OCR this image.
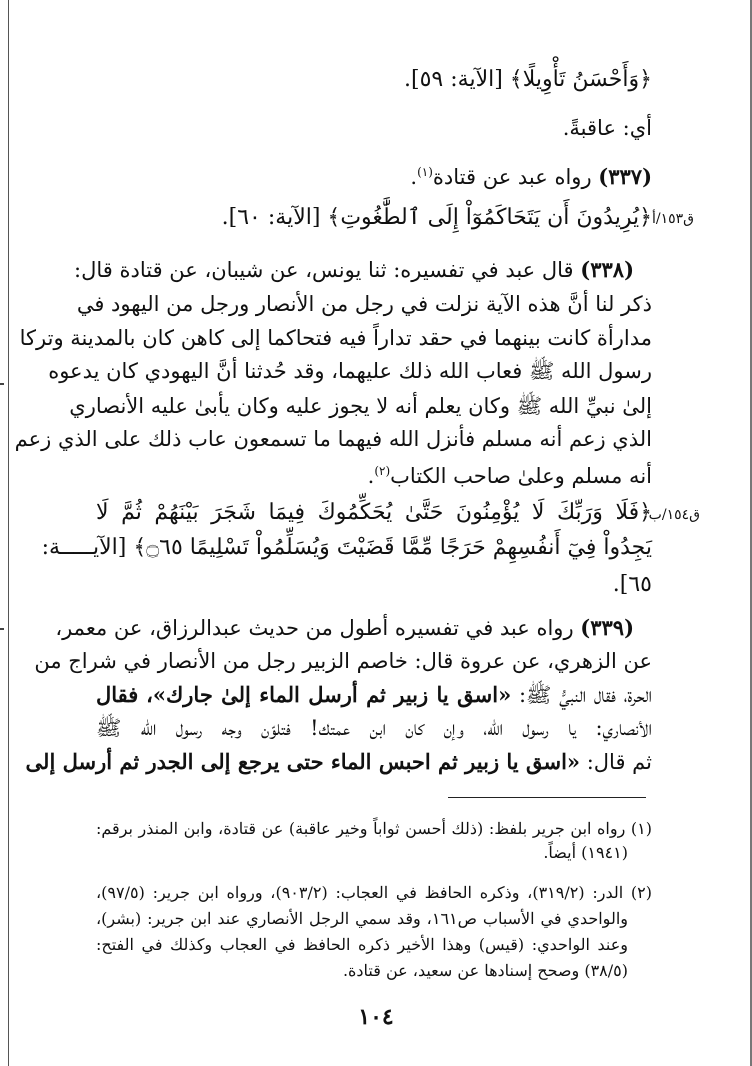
﴿وَأَحْسَنُ تَأْوِيلًا﴾ [الآية: ٥٩].
أي: عاقبةً.
(٣٣٧) رواه عبد عن قتادة$^{(١)}$.
ق١٥٣/أ
﴿يُرِيدُونَ أَن يَتَحَاكَمُوٓاْ إِلَى ٱلطَّٰغُوتِ﴾ [الآية: ٦٠].
(٣٣٨) قال عبد في تفسيره: ثنا يونس، عن شيبان، عن قتادة قال:
ذكر لنا أنَّ هذه الآية نزلت في رجل من الأنصار ورجل من اليهود في
مدارأة كانت بينهما في حقد تداراً فيه فتحاكما إلى كاهن كان بالمدينة وتركا
رسول الله ﷺ فعاب الله ذلك عليهما، وقد حُدثنا أنَّ اليهودي كان يدعوه
إلىٰ نبيِّ الله ﷺ وكان يعلم أنه لا يجوز عليه وكان يأبىٰ عليه الأنصاري
الذي زعم أنه مسلم فأنزل الله فيهما ما تسمعون عاب ذلك على الذي زعم
أنه مسلم وعلىٰ صاحب الكتاب$^{(٢)}$.
ق١٥٤/ب
﴿فَلَا وَرَبِّكَ لَا يُؤْمِنُونَ حَتَّىٰ يُحَكِّمُوكَ فِيمَا شَجَرَ بَيْنَهُمْ ثُمَّ لَا
يَجِدُواْ فِيٓ أَنفُسِهِمْ حَرَجًا مِّمَّا قَضَيْتَ وَيُسَلِّمُواْ تَسْلِيمًا ۝٦٥﴾ [الآيـــــة:
٦٥].
(٣٣٩) رواه عبد في تفسيره أطول من حديث عبدالرزاق، عن معمر،
عن الزهري، عن عروة قال: خاصم الزبير رجل من الأنصار في شراج من
الحرة، فقال النبيُّ ﷺ: «اسق يا زبير ثم أرسل الماء إلىٰ جارك»، فقال
الأنصاري: يا رسول الله، وإن كان ابن عمتك! فتلوّن وجه رسول الله ﷺ
ثم قال: «اسق يا زبير ثم احبس الماء حتى يرجع إلى الجدر ثم أرسل إلى
(١) رواه ابن جرير بلفظ: (ذلك أحسن ثواباً وخير عاقبة) عن قتادة، وابن المنذر برقم:
(١٩٤١) أيضاً.
(٢) الدر: (٣١٩/٢)، وذكره الحافظ في العجاب: (٩٠٣/٢)، ورواه ابن جرير: (٩٧/٥)،
والواحدي في الأسباب ص١٦١، وقد سمي الرجل الأنصاري عند ابن جرير: (بشر)،
وعند الواحدي: (قيس) وهذا الأخير ذكره الحافظ في العجاب وكذلك في الفتح:
(٣٨/٥) وصحح إسنادها عن سعيد، عن قتادة.
١٠٤
